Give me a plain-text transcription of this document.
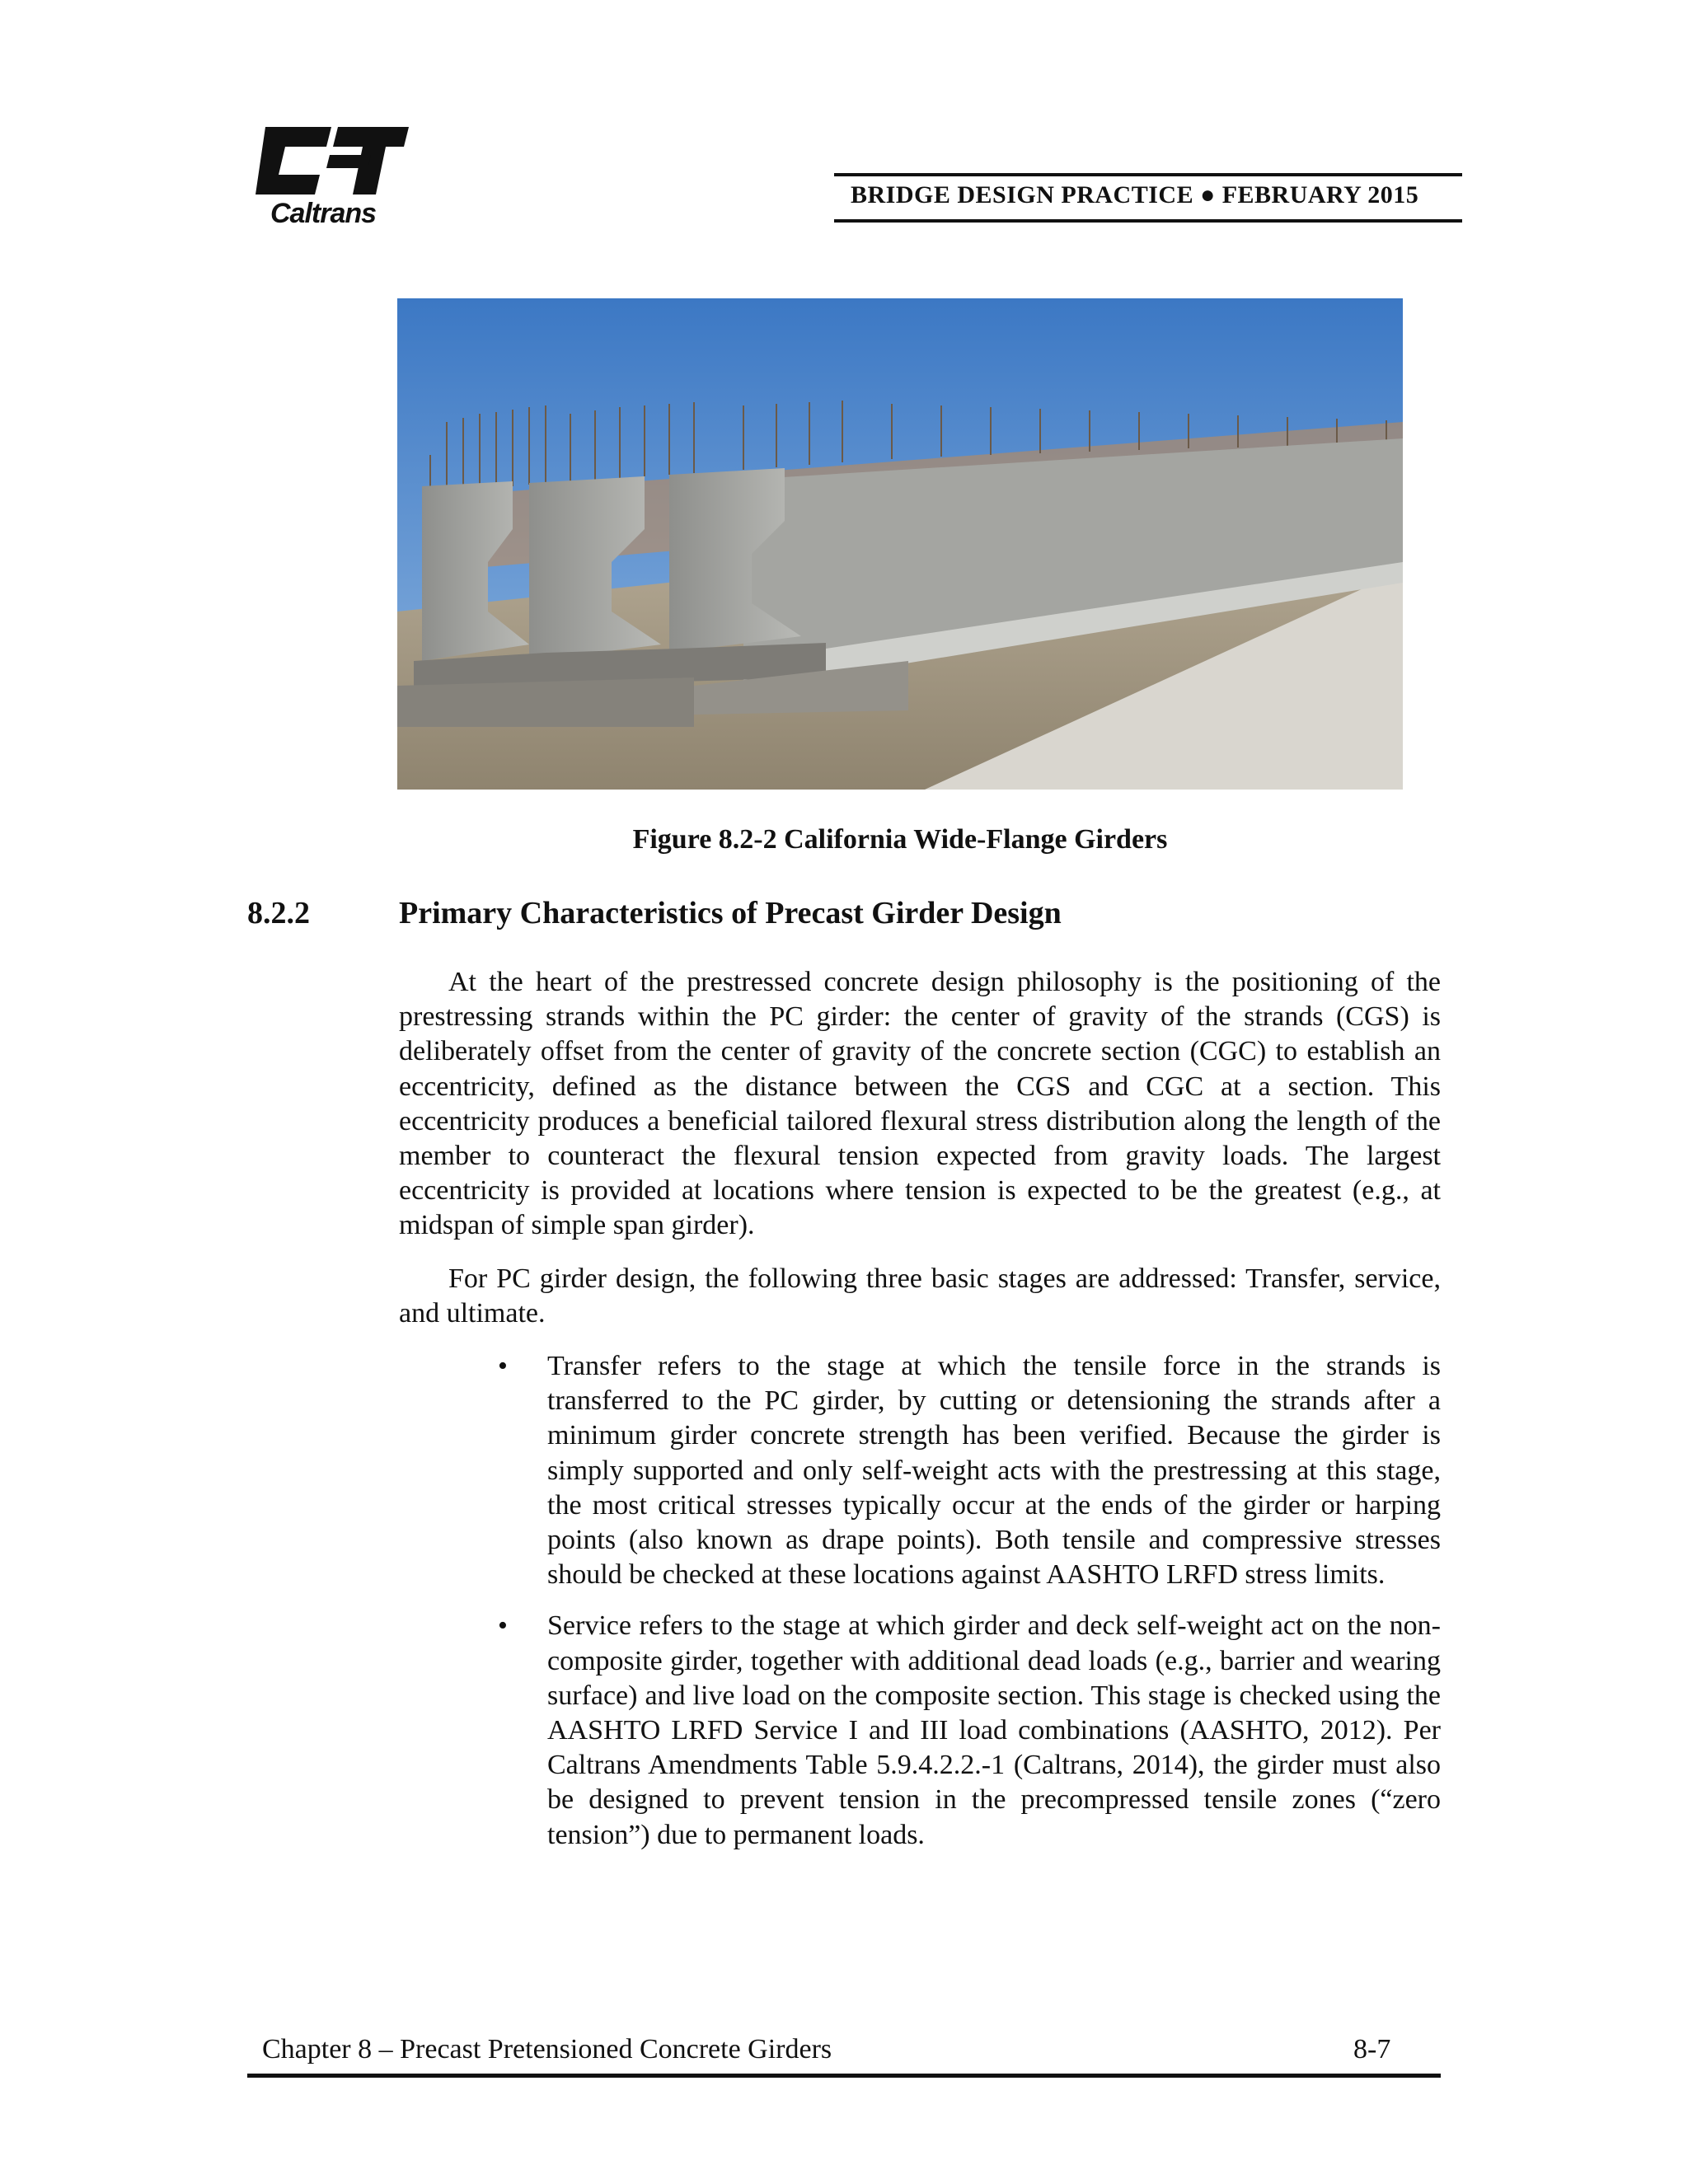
Caltrans
BRIDGE DESIGN PRACTICE ● FEBRUARY 2015
Figure 8.2-2 California Wide-Flange Girders
8.2.2	Primary Characteristics of Precast Girder Design
At the heart of the prestressed concrete design philosophy is the positioning of the prestressing strands within the PC girder: the center of gravity of the strands (CGS) is deliberately offset from the center of gravity of the concrete section (CGC) to establish an eccentricity, defined as the distance between the CGS and CGC at a section. This eccentricity produces a beneficial tailored flexural stress distribution along the length of the member to counteract the flexural tension expected from gravity loads. The largest eccentricity is provided at locations where tension is expected to be the greatest (e.g., at midspan of simple span girder).
For PC girder design, the following three basic stages are addressed: Transfer, service, and ultimate.
• Transfer refers to the stage at which the tensile force in the strands is transferred to the PC girder, by cutting or detensioning the strands after a minimum girder concrete strength has been verified. Because the girder is simply supported and only self-weight acts with the prestressing at this stage, the most critical stresses typically occur at the ends of the girder or harping points (also known as drape points). Both tensile and compressive stresses should be checked at these locations against AASHTO LRFD stress limits.
• Service refers to the stage at which girder and deck self-weight act on the non-composite girder, together with additional dead loads (e.g., barrier and wearing surface) and live load on the composite section. This stage is checked using the AASHTO LRFD Service I and III load combinations (AASHTO, 2012). Per Caltrans Amendments Table 5.9.4.2.2.-1 (Caltrans, 2014), the girder must also be designed to prevent tension in the precompressed tensile zones (“zero tension”) due to permanent loads.
Chapter 8 – Precast Pretensioned Concrete Girders	8-7
